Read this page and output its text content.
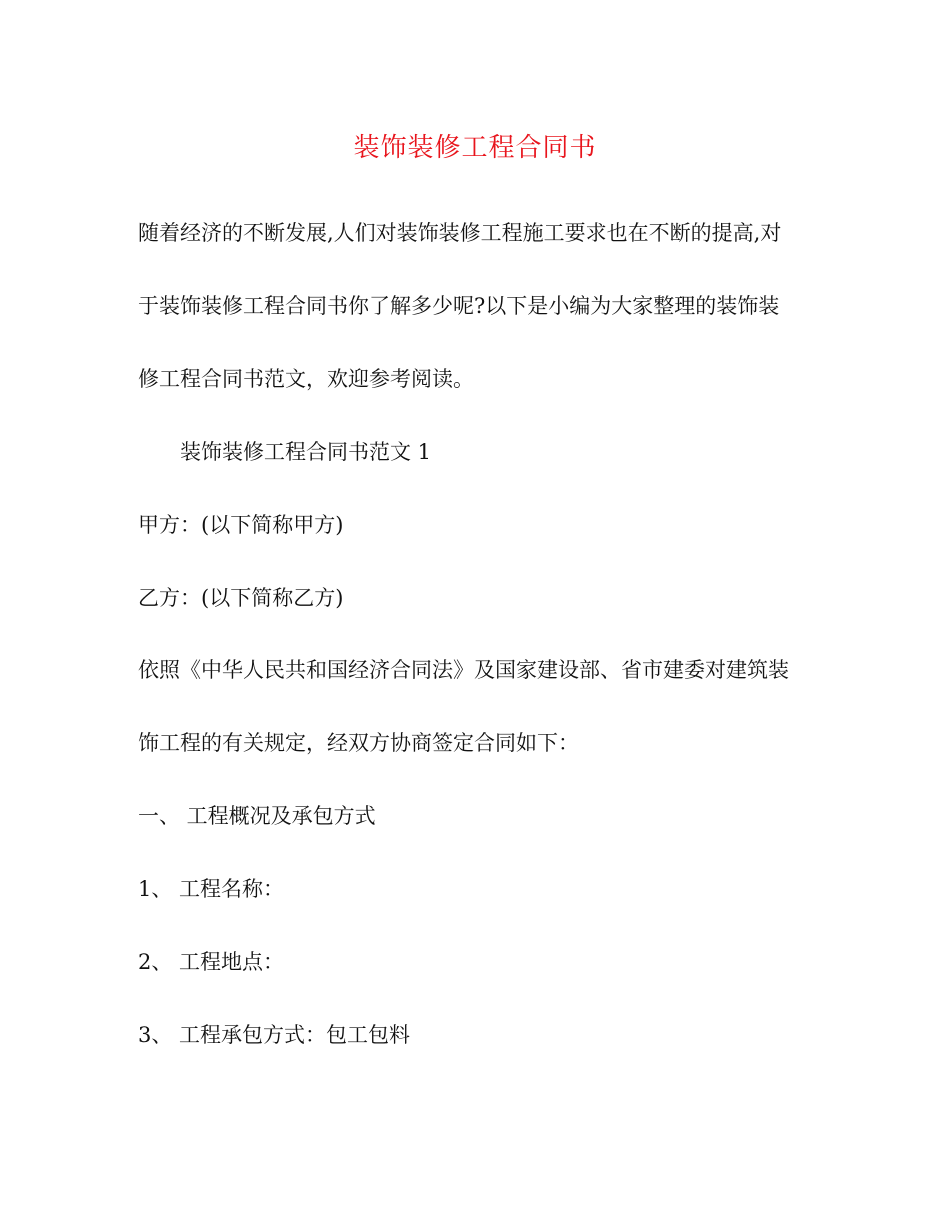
装饰装修工程合同书

随着经济的不断发展,人们对装饰装修工程施工要求也在不断的提高,对

于装饰装修工程合同书你了解多少呢?以下是小编为大家整理的装饰装

修工程合同书范文，欢迎参考阅读。

装饰装修工程合同书范文 1

甲方：(以下简称甲方)

乙方：(以下简称乙方)

依照《中华人民共和国经济合同法》及国家建设部、省市建委对建筑装

饰工程的有关规定，经双方协商签定合同如下：

一、 工程概况及承包方式

1、 工程名称：

2、 工程地点：

3、 工程承包方式：包工包料
